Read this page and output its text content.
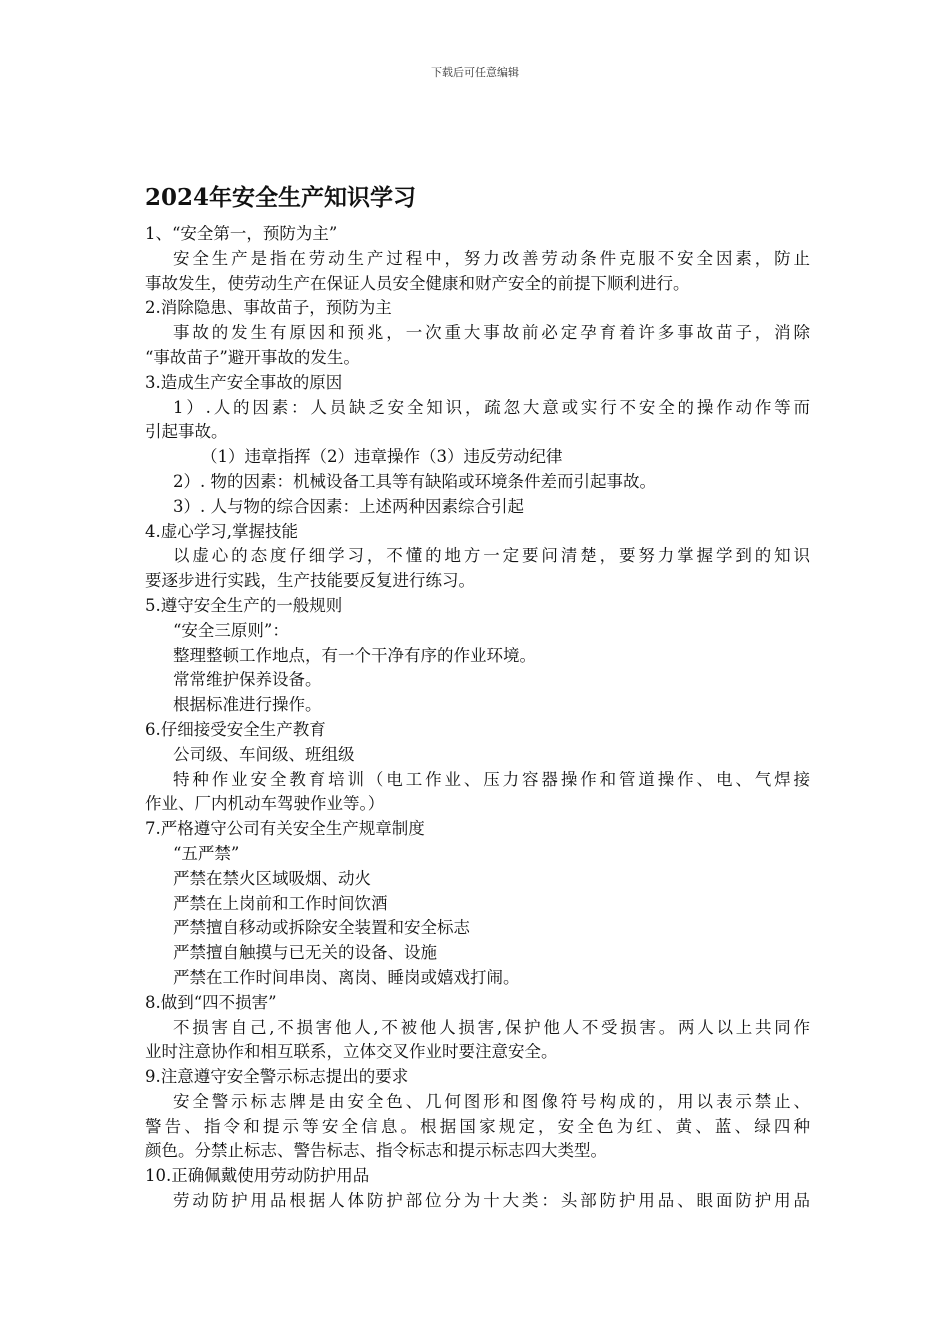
下载后可任意编辑
2024年安全生产知识学习
1、“安全第一，预防为主”
安全生产是指在劳动生产过程中，努力改善劳动条件克服不安全因素，防止
事故发生，使劳动生产在保证人员安全健康和财产安全的前提下顺利进行。
2.消除隐患、事故苗子，预防为主
事故的发生有原因和预兆，一次重大事故前必定孕育着许多事故苗子，消除
“事故苗子”避开事故的发生。
3.造成生产安全事故的原因
1）.人的因素：人员缺乏安全知识，疏忽大意或实行不安全的操作动作等而
引起事故。
（1）违章指挥（2）违章操作（3）违反劳动纪律
2）. 物的因素：机械设备工具等有缺陷或环境条件差而引起事故。
3）. 人与物的综合因素：上述两种因素综合引起
4.虚心学习,掌握技能
以虚心的态度仔细学习，不懂的地方一定要问清楚，要努力掌握学到的知识
要逐步进行实践，生产技能要反复进行练习。
5.遵守安全生产的一般规则
“安全三原则”：
整理整顿工作地点，有一个干净有序的作业环境。
常常维护保养设备。
根据标准进行操作。
6.仔细接受安全生产教育
公司级、车间级、班组级
特种作业安全教育培训（电工作业、压力容器操作和管道操作、电、气焊接
作业、厂内机动车驾驶作业等。）
7.严格遵守公司有关安全生产规章制度
“五严禁”
严禁在禁火区域吸烟、动火
严禁在上岗前和工作时间饮酒
严禁擅自移动或拆除安全装置和安全标志
严禁擅自触摸与已无关的设备、设施
严禁在工作时间串岗、离岗、睡岗或嬉戏打闹。
8.做到“四不损害”
不损害自己,不损害他人,不被他人损害,保护他人不受损害。两人以上共同作
业时注意协作和相互联系，立体交叉作业时要注意安全。
9.注意遵守安全警示标志提出的要求
安全警示标志牌是由安全色、几何图形和图像符号构成的，用以表示禁止、
警告、指令和提示等安全信息。根据国家规定，安全色为红、黄、蓝、绿四种
颜色。分禁止标志、警告标志、指令标志和提示标志四大类型。
10.正确佩戴使用劳动防护用品
劳动防护用品根据人体防护部位分为十大类：头部防护用品、眼面防护用品
